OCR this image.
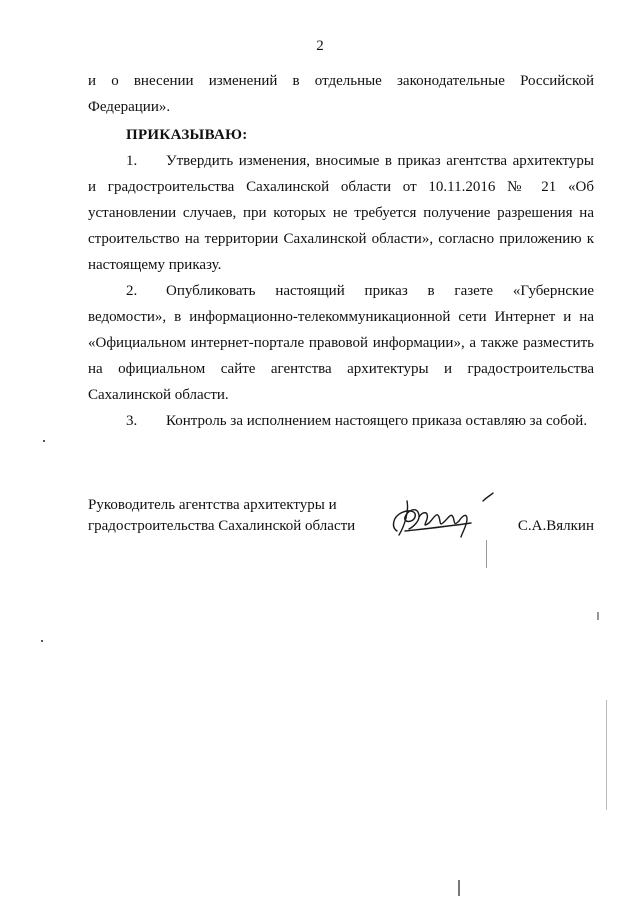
2

и о внесении изменений в отдельные законодательные Российской Федерации».

ПРИКАЗЫВАЮ:

1. Утвердить изменения, вносимые в приказ агентства архитектуры и градостроительства Сахалинской области от 10.11.2016 № 21 «Об установлении случаев, при которых не требуется получение разрешения на строительство на территории Сахалинской области», согласно приложению к настоящему приказу.

2. Опубликовать настоящий приказ в газете «Губернские ведомости», в информационно-телекоммуникационной сети Интернет и на «Официальном интернет-портале правовой информации», а также разместить на официальном сайте агентства архитектуры и градостроительства Сахалинской области.

3. Контроль за исполнением настоящего приказа оставляю за собой.

Руководитель агентства архитектуры и
градостроительства Сахалинской области	С.А.Вялкин
